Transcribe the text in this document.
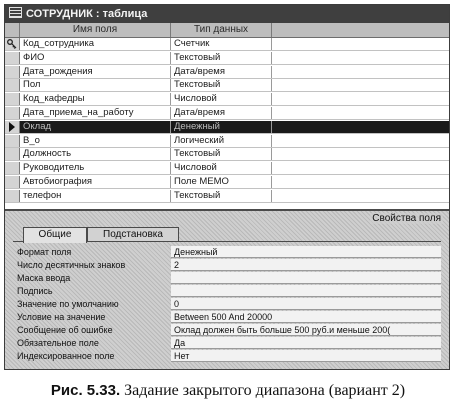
СОТРУДНИК : таблица
Имя поля	Тип данных
Код_сотрудника	Счетчик
ФИО	Текстовый
Дата_рождения	Дата/время
Пол	Текстовый
Код_кафедры	Числовой
Дата_приема_на_работу	Дата/время
Оклад	Денежный
В_о	Логический
Должность	Текстовый
Руководитель	Числовой
Автобиография	Поле MEMO
телефон	Текстовый
Свойства поля
Общие	Подстановка
Формат поля	Денежный
Число десятичных знаков	2
Маска ввода
Подпись
Значение по умолчанию	0
Условие на значение	Between 500 And 20000
Сообщение об ошибке	Оклад должен быть больше 500 руб.и меньше 200(
Обязательное поле	Да
Индексированное поле	Нет
Рис. 5.33. Задание закрытого диапазона (вариант 2)
